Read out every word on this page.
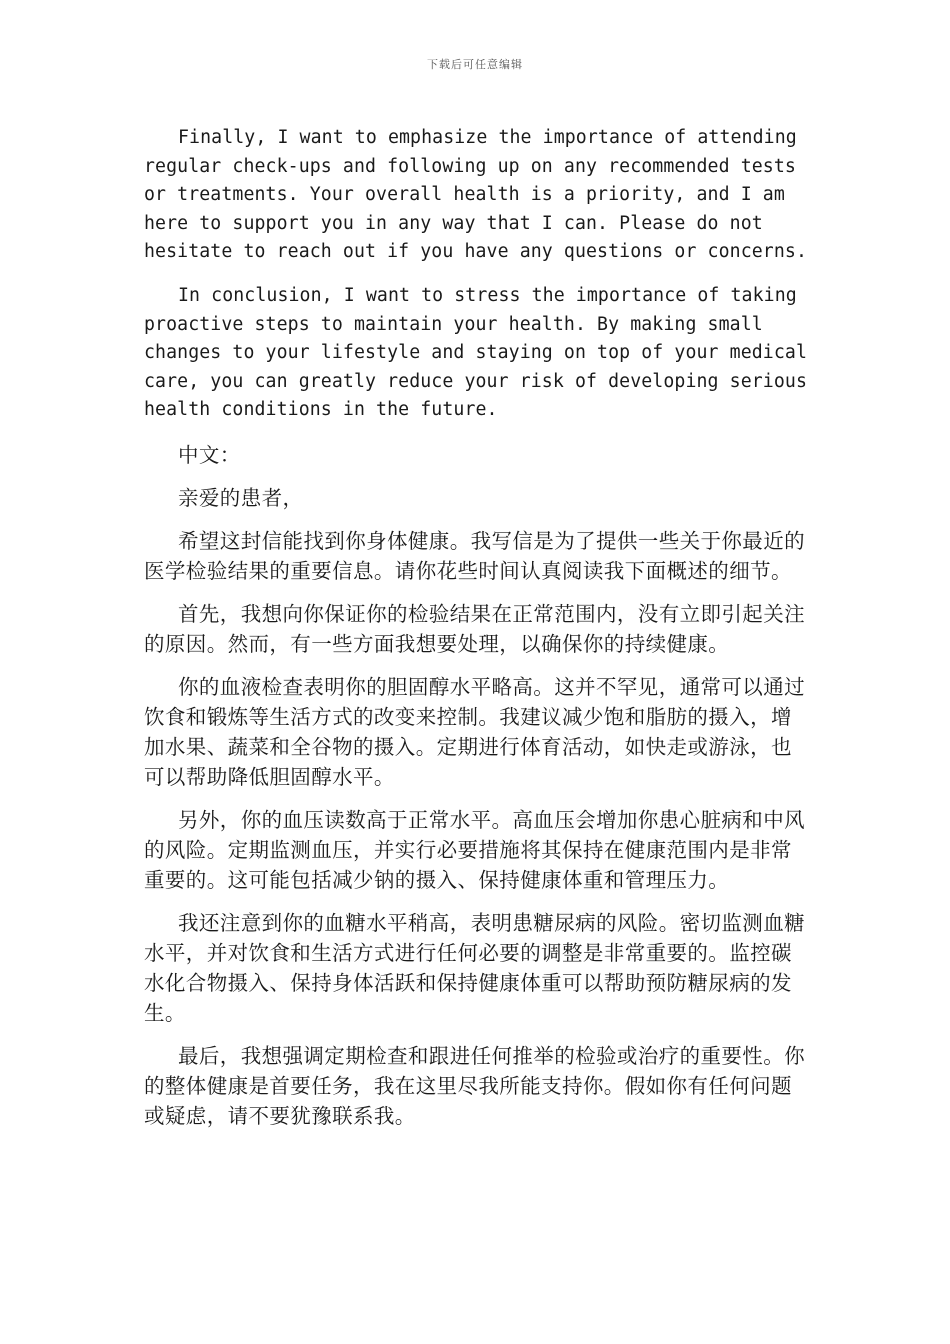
下载后可任意编辑

Finally, I want to emphasize the importance of attending regular check-ups and following up on any recommended tests or treatments. Your overall health is a priority, and I am here to support you in any way that I can. Please do not hesitate to reach out if you have any questions or concerns.

In conclusion, I want to stress the importance of taking proactive steps to maintain your health. By making small changes to your lifestyle and staying on top of your medical care, you can greatly reduce your risk of developing serious health conditions in the future.

中文：

亲爱的患者，

希望这封信能找到你身体健康。我写信是为了提供一些关于你最近的医学检验结果的重要信息。请你花些时间认真阅读我下面概述的细节。

首先，我想向你保证你的检验结果在正常范围内，没有立即引起关注的原因。然而，有一些方面我想要处理，以确保你的持续健康。

你的血液检查表明你的胆固醇水平略高。这并不罕见，通常可以通过饮食和锻炼等生活方式的改变来控制。我建议减少饱和脂肪的摄入，增加水果、蔬菜和全谷物的摄入。定期进行体育活动，如快走或游泳，也可以帮助降低胆固醇水平。

另外，你的血压读数高于正常水平。高血压会增加你患心脏病和中风的风险。定期监测血压，并实行必要措施将其保持在健康范围内是非常重要的。这可能包括减少钠的摄入、保持健康体重和管理压力。

我还注意到你的血糖水平稍高，表明患糖尿病的风险。密切监测血糖水平，并对饮食和生活方式进行任何必要的调整是非常重要的。监控碳水化合物摄入、保持身体活跃和保持健康体重可以帮助预防糖尿病的发生。

最后，我想强调定期检查和跟进任何推举的检验或治疗的重要性。你的整体健康是首要任务，我在这里尽我所能支持你。假如你有任何问题或疑虑，请不要犹豫联系我。
